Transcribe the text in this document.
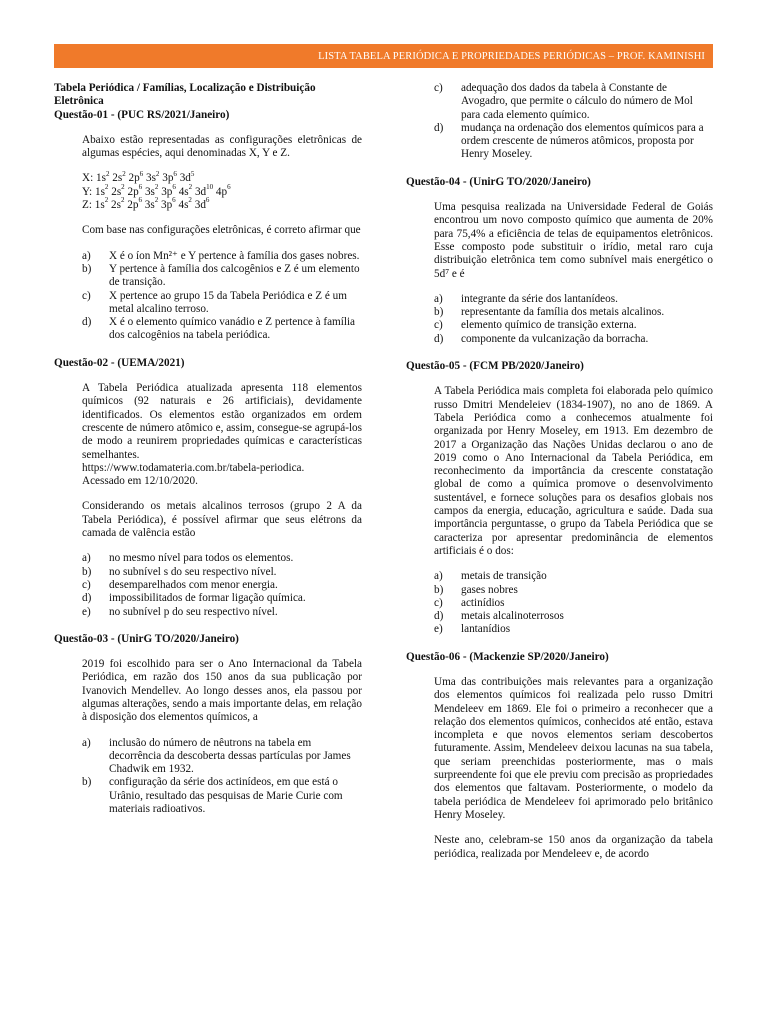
LISTA TABELA PERIÓDICA E PROPRIEDADES PERIÓDICAS – PROF. KAMINISHI

Tabela Periódica / Famílias, Localização e Distribuição Eletrônica

Questão-01 - (PUC RS/2021/Janeiro)

Abaixo estão representadas as configurações eletrônicas de algumas espécies, aqui denominadas X, Y e Z.

X: $1s^2$ $2s^2$ $2p^6$ $3s^2$ $3p^6$ $3d^5$
Y: $1s^2$ $2s^2$ $2p^6$ $3s^2$ $3p^6$ $4s^2$ $3d^{10}$ $4p^6$
Z: $1s^2$ $2s^2$ $2p^6$ $3s^2$ $3p^6$ $4s^2$ $3d^6$

Com base nas configurações eletrônicas, é correto afirmar que

a)	X é o íon Mn²⁺ e Y pertence à família dos gases nobres.
b)	Y pertence à família dos calcogênios e Z é um elemento de transição.
c)	X pertence ao grupo 15 da Tabela Periódica e Z é um metal alcalino terroso.
d)	X é o elemento químico vanádio e Z pertence à família dos calcogênios na tabela periódica.

Questão-02 - (UEMA/2021)

A Tabela Periódica atualizada apresenta 118 elementos químicos (92 naturais e 26 artificiais), devidamente identificados. Os elementos estão organizados em ordem crescente de número atômico e, assim, consegue-se agrupá-los de modo a reunirem propriedades químicas e características semelhantes.

https://www.todamateria.com.br/tabela-periodica.

Acessado em 12/10/2020.

Considerando os metais alcalinos terrosos (grupo 2 A da Tabela Periódica), é possível afirmar que seus elétrons da camada de valência estão

a)	no mesmo nível para todos os elementos.
b)	no subnível s do seu respectivo nível.
c)	desemparelhados com menor energia.
d)	impossibilitados de formar ligação química.
e)	no subnível p do seu respectivo nível.

Questão-03 - (UnirG TO/2020/Janeiro)

2019 foi escolhido para ser o Ano Internacional da Tabela Periódica, em razão dos 150 anos da sua publicação por Ivanovich Mendellev. Ao longo desses anos, ela passou por algumas alterações, sendo a mais importante delas, em relação à disposição dos elementos químicos, a

a)	inclusão do número de nêutrons na tabela em decorrência da descoberta dessas partículas por James Chadwik em 1932.
b)	configuração da série dos actinídeos, em que está o Urânio, resultado das pesquisas de Marie Curie com materiais radioativos.
c)	adequação dos dados da tabela à Constante de Avogadro, que permite o cálculo do número de Mol para cada elemento químico.
d)	mudança na ordenação dos elementos químicos para a ordem crescente de números atômicos, proposta por Henry Moseley.

Questão-04 - (UnirG TO/2020/Janeiro)

Uma pesquisa realizada na Universidade Federal de Goiás encontrou um novo composto químico que aumenta de 20% para 75,4% a eficiência de telas de equipamentos eletrônicos. Esse composto pode substituir o irídio, metal raro cuja distribuição eletrônica tem como subnível mais energético o 5d⁷ e é

a)	integrante da série dos lantanídeos.
b)	representante da família dos metais alcalinos.
c)	elemento químico de transição externa.
d)	componente da vulcanização da borracha.

Questão-05 - (FCM PB/2020/Janeiro)

A Tabela Periódica mais completa foi elaborada pelo químico russo Dmitri Mendeleiev (1834-1907), no ano de 1869. A Tabela Periódica como a conhecemos atualmente foi organizada por Henry Moseley, em 1913. Em dezembro de 2017 a Organização das Nações Unidas declarou o ano de 2019 como o Ano Internacional da Tabela Periódica, em reconhecimento da importância da crescente constatação global de como a química promove o desenvolvimento sustentável, e fornece soluções para os desafios globais nos campos da energia, educação, agricultura e saúde. Dada sua importância perguntasse, o grupo da Tabela Periódica que se caracteriza por apresentar predominância de elementos artificiais é o dos:

a)	metais de transição
b)	gases nobres
c)	actinídios
d)	metais alcalinoterrosos
e)	lantanídios

Questão-06 - (Mackenzie SP/2020/Janeiro)

Uma das contribuições mais relevantes para a organização dos elementos químicos foi realizada pelo russo Dmitri Mendeleev em 1869. Ele foi o primeiro a reconhecer que a relação dos elementos químicos, conhecidos até então, estava incompleta e que novos elementos seriam descobertos futuramente. Assim, Mendeleev deixou lacunas na sua tabela, que seriam preenchidas posteriormente, mas o mais surpreendente foi que ele previu com precisão as propriedades dos elementos que faltavam. Posteriormente, o modelo da tabela periódica de Mendeleev foi aprimorado pelo britânico Henry Moseley.

Neste ano, celebram-se 150 anos da organização da tabela periódica, realizada por Mendeleev e, de acordo
